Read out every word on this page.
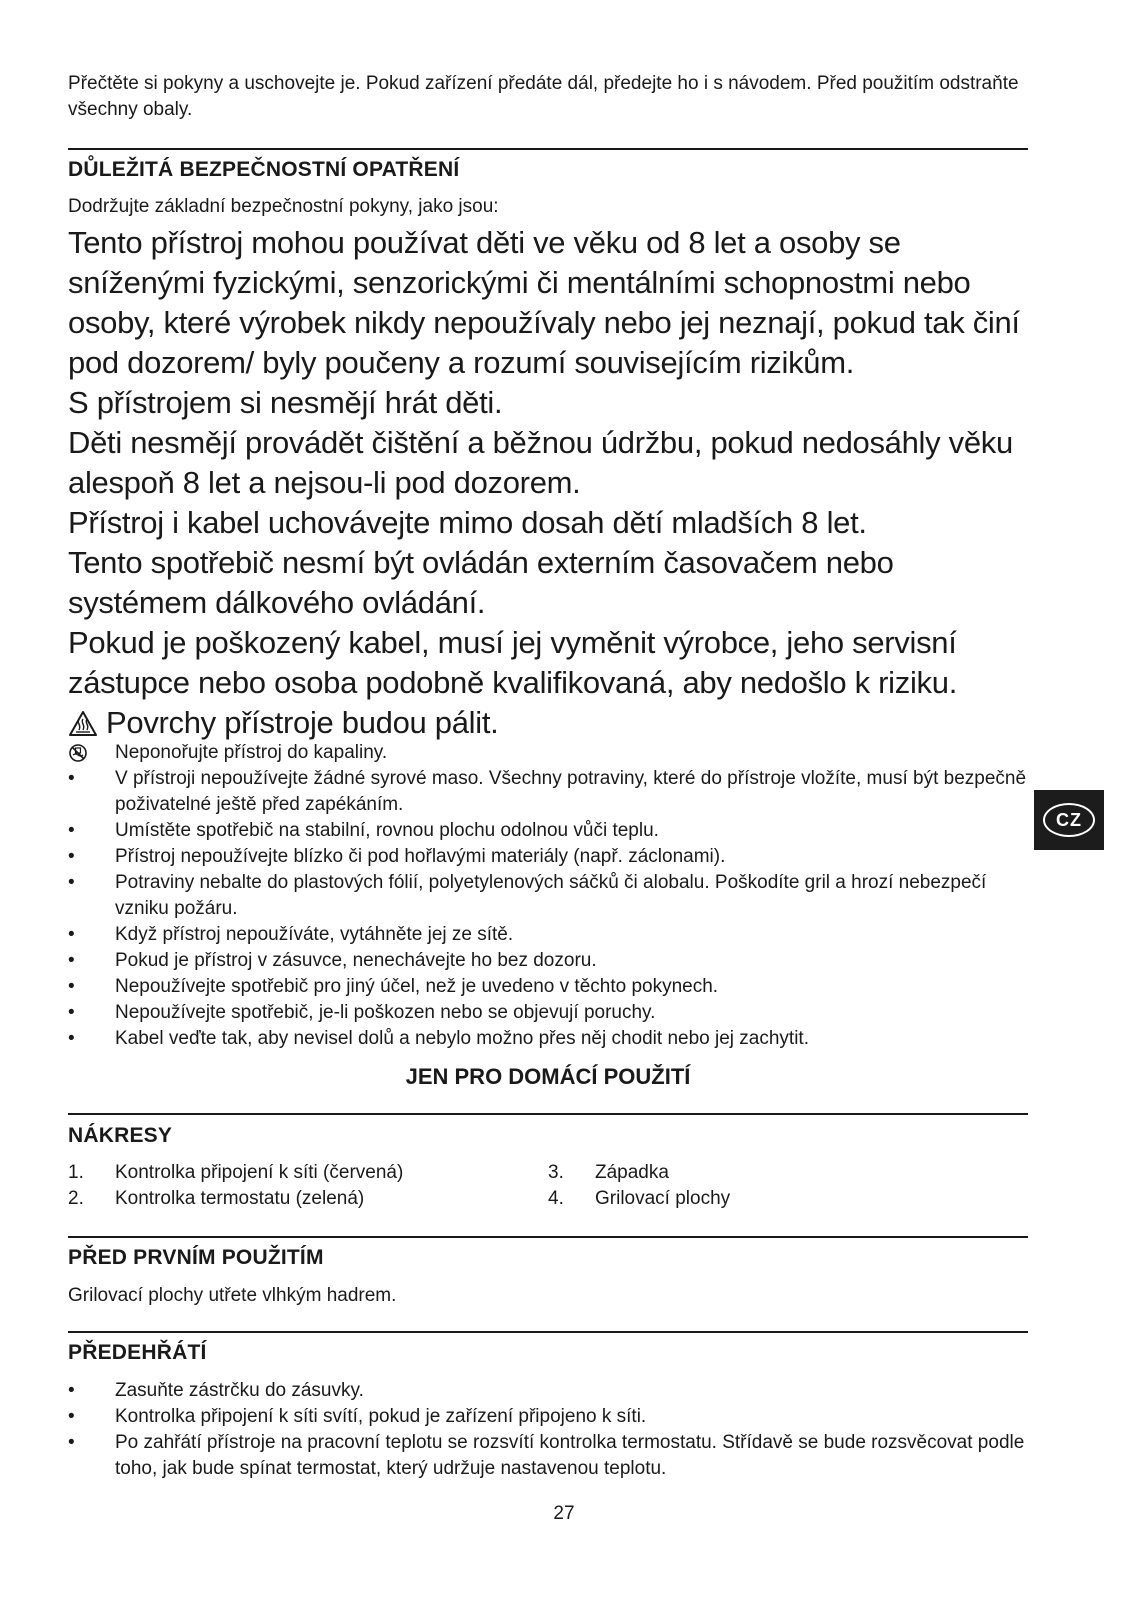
Přečtěte si pokyny a uschovejte je. Pokud zařízení předáte dál, předejte ho i s návodem. Před použitím odstraňte všechny obaly.
DŮLEŽITÁ BEZPEČNOSTNÍ OPATŘENÍ
Dodržujte základní bezpečnostní pokyny, jako jsou:

Tento přístroj mohou používat děti ve věku od 8 let a osoby se sníženými fyzickými, senzorickými či mentálními schopnostmi nebo osoby, které výrobek nikdy nepoužívaly nebo jej neznají, pokud tak činí pod dozorem/ byly poučeny a rozumí souvisejícím rizikům.

S přístrojem si nesmějí hrát děti.

Děti nesmějí provádět čištění a běžnou údržbu, pokud nedosáhly věku alespoň 8 let a nejsou-li pod dozorem.

Přístroj i kabel uchovávejte mimo dosah dětí mladších 8 let.

Tento spotřebič nesmí být ovládán externím časovačem nebo systémem dálkového ovládání.

Pokud je poškozený kabel, musí jej vyměnit výrobce, jeho servisní zástupce nebo osoba podobně kvalifikovaná, aby nedošlo k riziku.

Povrchy přístroje budou pálit.
Neponořujte přístroj do kapaliny.
•	V přístroji nepoužívejte žádné syrové maso. Všechny potraviny, které do přístroje vložíte, musí být bezpečně poživatelné ještě před zapékáním.
•	Umístěte spotřebič na stabilní, rovnou plochu odolnou vůči teplu.
•	Přístroj nepoužívejte blízko či pod hořlavými materiály (např. záclonami).
•	Potraviny nebalte do plastových fólií, polyetylenových sáčků či alobalu. Poškodíte gril a hrozí nebezpečí vzniku požáru.
•	Když přístroj nepoužíváte, vytáhněte jej ze sítě.
•	Pokud je přístroj v zásuvce, nenechávejte ho bez dozoru.
•	Nepoužívejte spotřebič pro jiný účel, než je uvedeno v těchto pokynech.
•	Nepoužívejte spotřebič, je-li poškozen nebo se objevují poruchy.
•	Kabel veďte tak, aby nevisel dolů a nebylo možno přes něj chodit nebo jej zachytit.
JEN PRO DOMÁCÍ POUŽITÍ
NÁKRESY
1.	Kontrolka připojení k síti (červená)
2.	Kontrolka termostatu (zelená)
3.	Západka
4.	Grilovací plochy
PŘED PRVNÍM POUŽITÍM
Grilovací plochy utřete vlhkým hadrem.
PŘEDEHŘÁTÍ
•	Zasuňte zástrčku do zásuvky.
•	Kontrolka připojení k síti svítí, pokud je zařízení připojeno k síti.
•	Po zahřátí přístroje na pracovní teplotu se rozsvítí kontrolka termostatu. Střídavě se bude rozsvěcovat podle toho, jak bude spínat termostat, který udržuje nastavenou teplotu.
CZ
27
